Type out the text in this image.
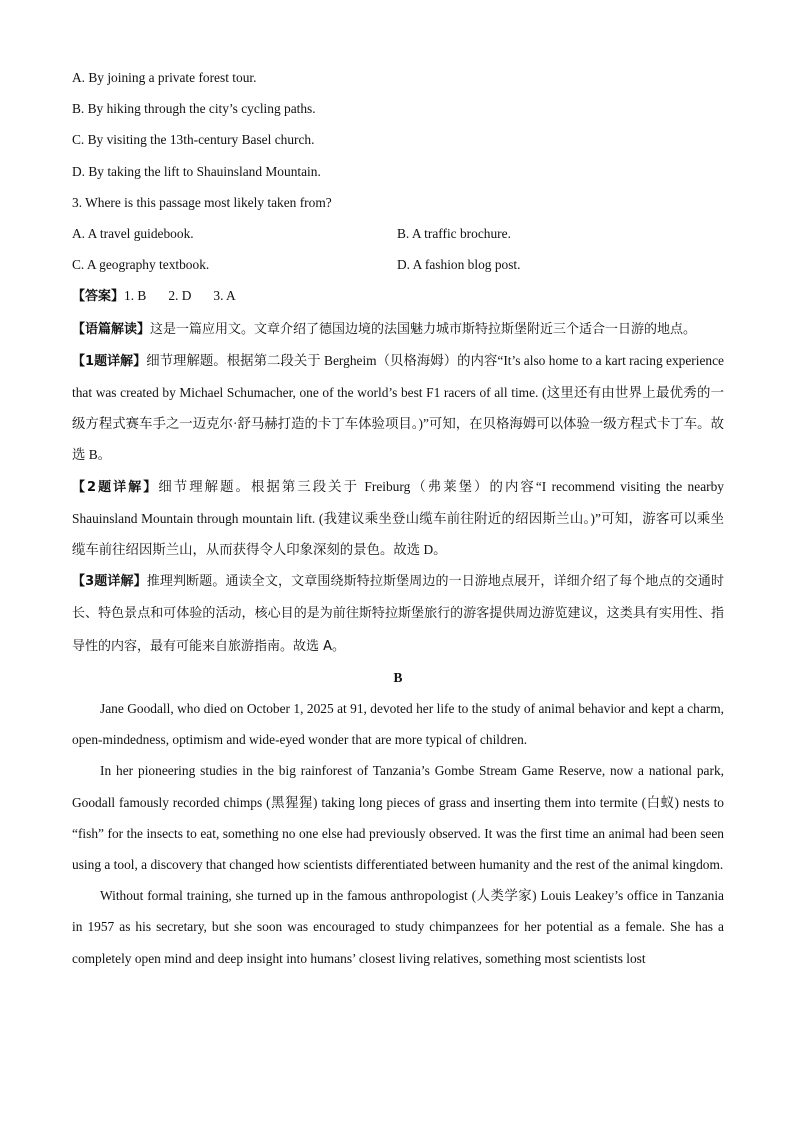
A. By joining a private forest tour.
B. By hiking through the city’s cycling paths.
C. By visiting the 13th-century Basel church.
D. By taking the lift to Shauinsland Mountain.
3. Where is this passage most likely taken from?
A. A travel guidebook.	B. A traffic brochure.
C. A geography textbook.	D. A fashion blog post.
【答案】1. B 2. D 3. A

【语篇解读】这是一篇应用文。文章介绍了德国边境的法国魅力城市斯特拉斯堡附近三个适合一日游的地点。

【1题详解】细节理解题。根据第二段关于 Bergheim（贝格海姆）的内容“It’s also home to a kart racing experience that was created by Michael Schumacher, one of the world’s best F1 racers of all time. (这里还有由世界上最优秀的一级方程式赛车手之一迈克尔·舒马赫打造的卡丁车体验项目。)”可知，在贝格海姆可以体验一级方程式卡丁车。故选 B。

【2题详解】细节理解题。根据第三段关于 Freiburg（弗莱堡）的内容“I recommend visiting the nearby Shauinsland Mountain through mountain lift. (我建议乘坐登山缆车前往附近的绍因斯兰山。)”可知，游客可以乘坐缆车前往绍因斯兰山，从而获得令人印象深刻的景色。故选 D。

【3题详解】推理判断题。通读全文，文章围绕斯特拉斯堡周边的一日游地点展开，详细介绍了每个地点的交通时长、特色景点和可体验的活动，核心目的是为前往斯特拉斯堡旅行的游客提供周边游览建议，这类具有实用性、指导性的内容，最有可能来自旅游指南。故选 A。

B

Jane Goodall, who died on October 1, 2025 at 91, devoted her life to the study of animal behavior and kept a charm, open-mindedness, optimism and wide-eyed wonder that are more typical of children.

In her pioneering studies in the big rainforest of Tanzania’s Gombe Stream Game Reserve, now a national park, Goodall famously recorded chimps (黑猩猩) taking long pieces of grass and inserting them into termite (白蚁) nests to “fish” for the insects to eat, something no one else had previously observed. It was the first time an animal had been seen using a tool, a discovery that changed how scientists differentiated between humanity and the rest of the animal kingdom.

Without formal training, she turned up in the famous anthropologist (人类学家) Louis Leakey’s office in Tanzania in 1957 as his secretary, but she soon was encouraged to study chimpanzees for her potential as a female. She has a completely open mind and deep insight into humans’ closest living relatives, something most scientists lost
